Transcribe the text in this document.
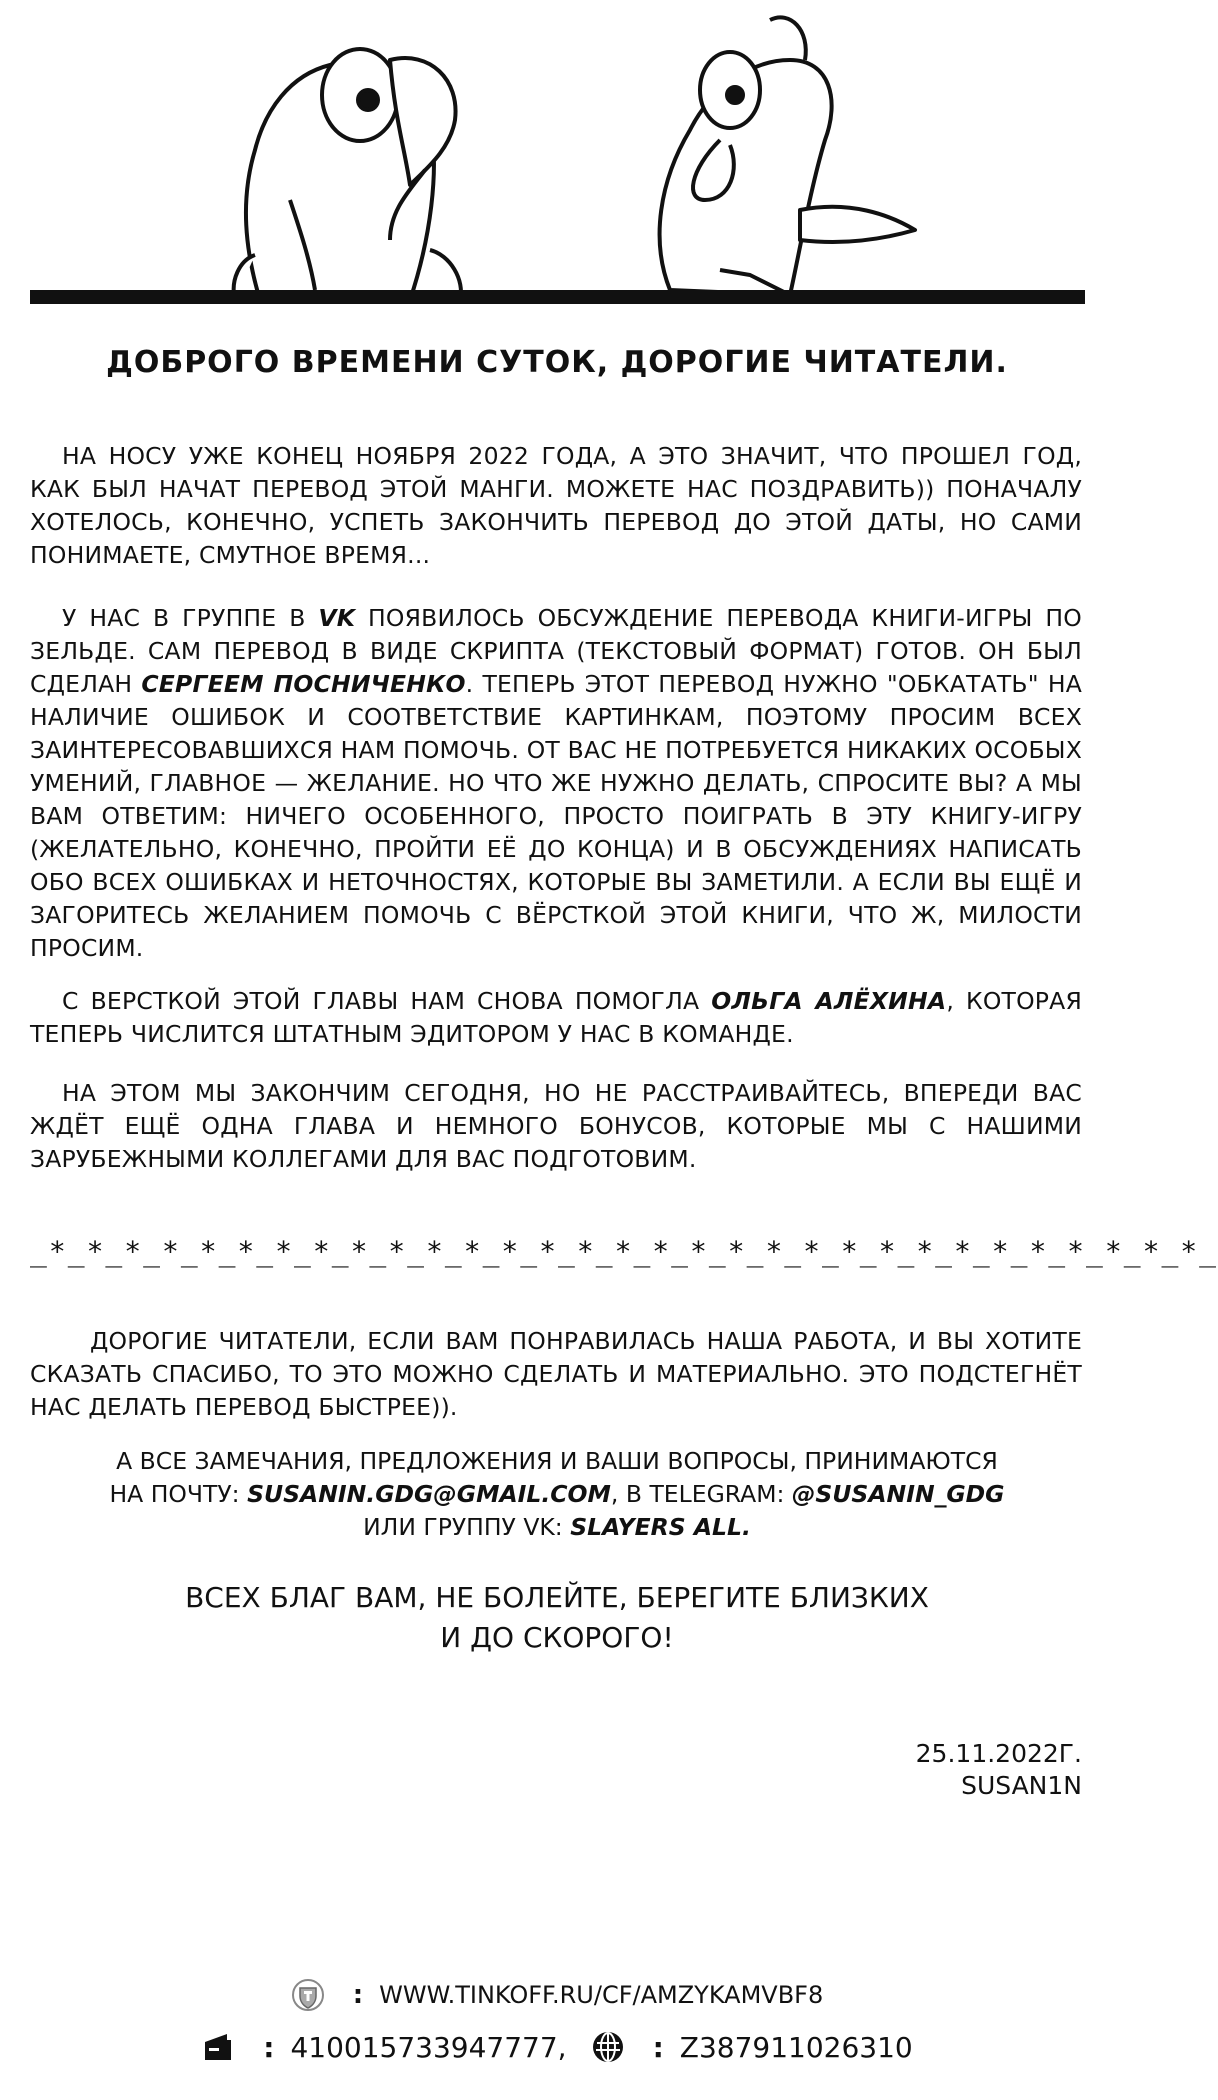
ДОБРОГО ВРЕМЕНИ СУТОК, ДОРОГИЕ ЧИТАТЕЛИ.
НА НОСУ УЖЕ КОНЕЦ НОЯБРЯ 2022 ГОДА, А ЭТО ЗНАЧИТ, ЧТО ПРОШЕЛ ГОД, КАК БЫЛ НАЧАТ ПЕРЕВОД ЭТОЙ МАНГИ. МОЖЕТЕ НАС ПОЗДРАВИТЬ)) ПОНАЧАЛУ ХОТЕЛОСЬ, КОНЕЧНО, УСПЕТЬ ЗАКОНЧИТЬ ПЕРЕВОД ДО ЭТОЙ ДАТЫ, НО САМИ ПОНИМАЕТЕ, СМУТНОЕ ВРЕМЯ...
У НАС В ГРУППЕ В VK ПОЯВИЛОСЬ ОБСУЖДЕНИЕ ПЕРЕВОДА КНИГИ-ИГРЫ ПО ЗЕЛЬДЕ. САМ ПЕРЕВОД В ВИДЕ СКРИПТА (ТЕКСТОВЫЙ ФОРМАТ) ГОТОВ. ОН БЫЛ СДЕЛАН СЕРГЕЕМ ПОСНИЧЕНКО. ТЕПЕРЬ ЭТОТ ПЕРЕВОД НУЖНО "ОБКАТАТЬ" НА НАЛИЧИЕ ОШИБОК И СООТВЕТСТВИЕ КАРТИНКАМ, ПОЭТОМУ ПРОСИМ ВСЕХ ЗАИНТЕРЕСОВАВШИХСЯ НАМ ПОМОЧЬ. ОТ ВАС НЕ ПОТРЕБУЕТСЯ НИКАКИХ ОСОБЫХ УМЕНИЙ, ГЛАВНОЕ — ЖЕЛАНИЕ. НО ЧТО ЖЕ НУЖНО ДЕЛАТЬ, СПРОСИТЕ ВЫ? А МЫ ВАМ ОТВЕТИМ: НИЧЕГО ОСОБЕННОГО, ПРОСТО ПОИГРАТЬ В ЭТУ КНИГУ-ИГРУ (ЖЕЛАТЕЛЬНО, КОНЕЧНО, ПРОЙТИ ЕЁ ДО КОНЦА) И В ОБСУЖДЕНИЯХ НАПИСАТЬ ОБО ВСЕХ ОШИБКАХ И НЕТОЧНОСТЯХ, КОТОРЫЕ ВЫ ЗАМЕТИЛИ. А ЕСЛИ ВЫ ЕЩЁ И ЗАГОРИТЕСЬ ЖЕЛАНИЕМ ПОМОЧЬ С ВЁРСТКОЙ ЭТОЙ КНИГИ, ЧТО Ж, МИЛОСТИ ПРОСИМ.
С ВЕРСТКОЙ ЭТОЙ ГЛАВЫ НАМ СНОВА ПОМОГЛА ОЛЬГА АЛЁХИНА, КОТОРАЯ ТЕПЕРЬ ЧИСЛИТСЯ ШТАТНЫМ ЭДИТОРОМ У НАС В КОМАНДЕ.
НА ЭТОМ МЫ ЗАКОНЧИМ СЕГОДНЯ, НО НЕ РАССТРАИВАЙТЕСЬ, ВПЕРЕДИ ВАС ЖДЁТ ЕЩЁ ОДНА ГЛАВА И НЕМНОГО БОНУСОВ, КОТОРЫЕ МЫ С НАШИМИ ЗАРУБЕЖНЫМИ КОЛЛЕГАМИ ДЛЯ ВАС ПОДГОТОВИМ.
_*_*_*_*_*_*_*_*_*_*_*_*_*_*_*_*_*_*_*_*_*_*_*_*_*_*_*_*_*_*_*_
ДОРОГИЕ ЧИТАТЕЛИ, ЕСЛИ ВАМ ПОНРАВИЛАСЬ НАША РАБОТА, И ВЫ ХОТИТЕ СКАЗАТЬ СПАСИБО, ТО ЭТО МОЖНО СДЕЛАТЬ И МАТЕРИАЛЬНО. ЭТО ПОДСТЕГНЁТ НАС ДЕЛАТЬ ПЕРЕВОД БЫСТРЕЕ)).
А ВСЕ ЗАМЕЧАНИЯ, ПРЕДЛОЖЕНИЯ И ВАШИ ВОПРОСЫ, ПРИНИМАЮТСЯ
НА ПОЧТУ: SUSANIN.GDG@GMAIL.COM, В TELEGRAM: @SUSANIN_GDG
ИЛИ ГРУППУ VK: SLAYERS ALL.
ВСЕХ БЛАГ ВАМ, НЕ БОЛЕЙТЕ, БЕРЕГИТЕ БЛИЗКИХ
И ДО СКОРОГО!
25.11.2022Г.
SUSAN1N
: WWW.TINKOFF.RU/CF/AMZYKAMVBF8
: 410015733947777,	: Z387911026310
